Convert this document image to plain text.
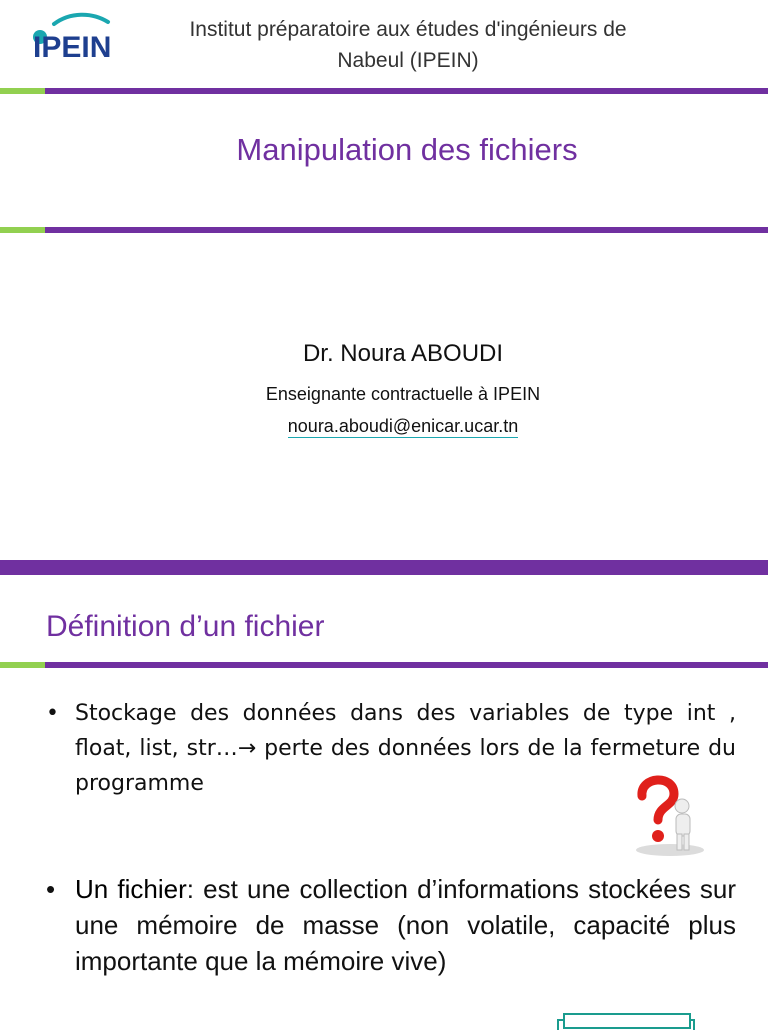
IPEIN
Institut préparatoire aux études d'ingénieurs de
Nabeul (IPEIN)
Manipulation des fichiers
Dr. Noura ABOUDI
Enseignante contractuelle à IPEIN
noura.aboudi@enicar.ucar.tn
Définition d’un fichier
• Stockage des données dans des variables de type int , float, list, str…→ perte des données lors de la fermeture du programme
• Un fichier: est une collection d’informations stockées sur une mémoire de masse (non volatile, capacité plus importante que la mémoire vive)
